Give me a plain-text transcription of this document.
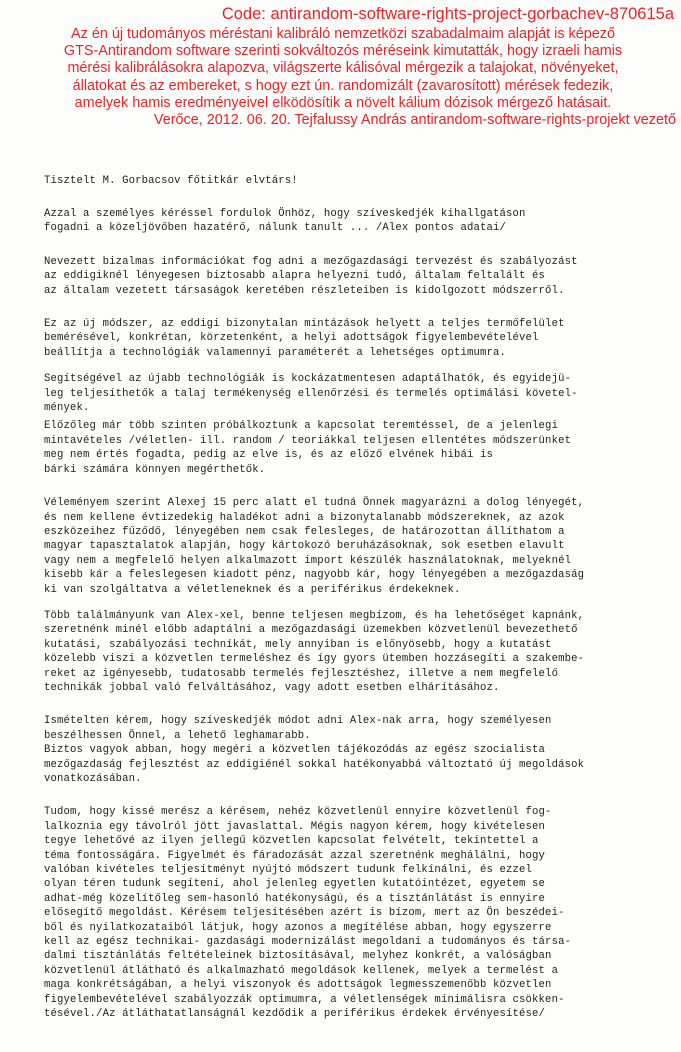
Code: antirandom-software-rights-project-gorbachev-870615a
Az én új tudományos méréstani kalibráló nemzetközi szabadalmaim alapját is képező
GTS-Antirandom software szerinti sokváltozós méréseink kimutatták, hogy izraeli hamis
mérési kalibrálásokra alapozva, világszerte kálisóval mérgezik a talajokat, növényeket,
állatokat és az embereket, s hogy ezt ún. randomizált (zavarosított) mérések fedezik,
amelyek hamis eredményeivel elködösítik a növelt kálium dózisok mérgező hatásait.
Verőce, 2012. 06. 20. Tejfalussy András antirandom-software-rights-projekt vezető
Tisztelt M. Gorbacsov főtitkár elvtárs!

Azzal a személyes kéréssel fordulok Önhöz, hogy szíveskedjék kihallgatáson
fogadni a közeljövőben hazatérő, nálunk tanult ... /Alex pontos adatai/

Nevezett bizalmas információkat fog adni a mezőgazdasági tervezést és szabályozást
az eddigiknél lényegesen biztosabb alapra helyezni tudó, általam feltalált és
az általam vezetett társaságok keretében részleteiben is kidolgozott módszerről.

Ez az új módszer, az eddigi bizonytalan mintázások helyett a teljes termőfelület
bemérésével, konkrétan, körzetenként, a helyi adottságok figyelembevételével
beállítja a technológiák valamennyi paraméterét a lehetséges optimumra.

Segítségével az újabb technológiák is kockázatmentesen adaptálhatók, és egyidejü-
leg teljesíthetők a talaj termékenység ellenőrzési és termelés optimálási követel-
mények.

Előzőleg már több szinten próbálkoztunk a kapcsolat teremtéssel, de a jelenlegi
mintavételes /véletlen- ill. random / teoriákkal teljesen ellentétes módszerünket
meg nem értés fogadta, pedig az elve is, és az előző elvének hibái is
bárki számára könnyen megérthetők.

Véleményem szerint Alexej 15 perc alatt el tudná Önnek magyarázni a dolog lényegét,
és nem kellene évtizedekig haladékot adni a bizonytalanabb módszereknek, az azok
eszközeihez fűződő, lényegében nem csak felesleges, de határozottan állíthatom a
magyar tapasztalatok alapján, hogy kártokozó beruházásoknak, sok esetben elavult
vagy nem a megfelelő helyen alkalmazott import készülék használatoknak, melyeknél
kisebb kár a feleslegesen kiadott pénz, nagyobb kár, hogy lényegében a mezőgazdaság
ki van szolgáltatva a véletleneknek és a periférikus érdekeknek.

Több találmányunk van Alex-xel, benne teljesen megbízom, és ha lehetőséget kapnánk,
szeretnénk minél előbb adaptálni a mezőgazdasági üzemekben közvetlenül bevezethető
kutatási, szabályozási techníkát, mely annyiban is előnyösebb, hogy a kutatást
közelebb viszi a közvetlen termeléshez és így gyors ütemben hozzásegíti a szakembe-
reket az igényesebb, tudatosabb termelés fejlesztéshez, illetve a nem megfelelő
technikák jobbal való felváltásához, vagy adott esetben elhárításához.

Ismételten kérem, hogy szíveskedjék módot adni Alex-nak arra, hogy személyesen
beszélhessen Önnel, a lehető leghamarabb.

Biztos vagyok abban, hogy megéri a közvetlen tájékozódás az egész szocialista
mezőgazdaság fejlesztést az eddigiénél sokkal hatékonyabbá változtató új megoldások
vonatkozásában.

Tudom, hogy kissé merész a kérésem, nehéz közvetlenül ennyire közvetlenül fog-
lalkoznia egy távolról jött javaslattal. Mégis nagyon kérem, hogy kivételesen
tegye lehetővé az ilyen jellegű közvetlen kapcsolat felvételt, tekintettel a
téma fontosságára. Figyelmét és fáradozását azzal szeretnénk meghálálni, hogy
valóban kivételes teljesítményt nyújtó módszert tudunk felkínálni, és ezzel
olyan téren tudunk segíteni, ahol jelenleg egyetlen kutatóintézet, egyetem se
adhat-még közelítőleg sem-hasonló hatékonyságú, és a tisztánlátást is ennyire
elősegítő megoldást. Kérésem teljesítésében azért is bízom, mert az Ön beszédei-
ből és nyilatkozataiból látjuk, hogy azonos a megítélése abban, hogy egyszerre
kell az egész technikai- gazdasági modernizálást megoldani a tudományos és társa-
dalmi tisztánlátás feltételeinek biztosításával, melyhez konkrét, a valóságban
közvetlenül átlátható és alkalmazható megoldások kellenek, melyek a termelést a
maga konkrétságában, a helyi viszonyok és adottságok legmesszemenőbb közvetlen
figyelembevételével szabályozzák optimumra, a véletlenségek minimálisra csökken-
tésével./Az átláthatatlanságnál kezdődik a periférikus érdekek érvényesítése/
